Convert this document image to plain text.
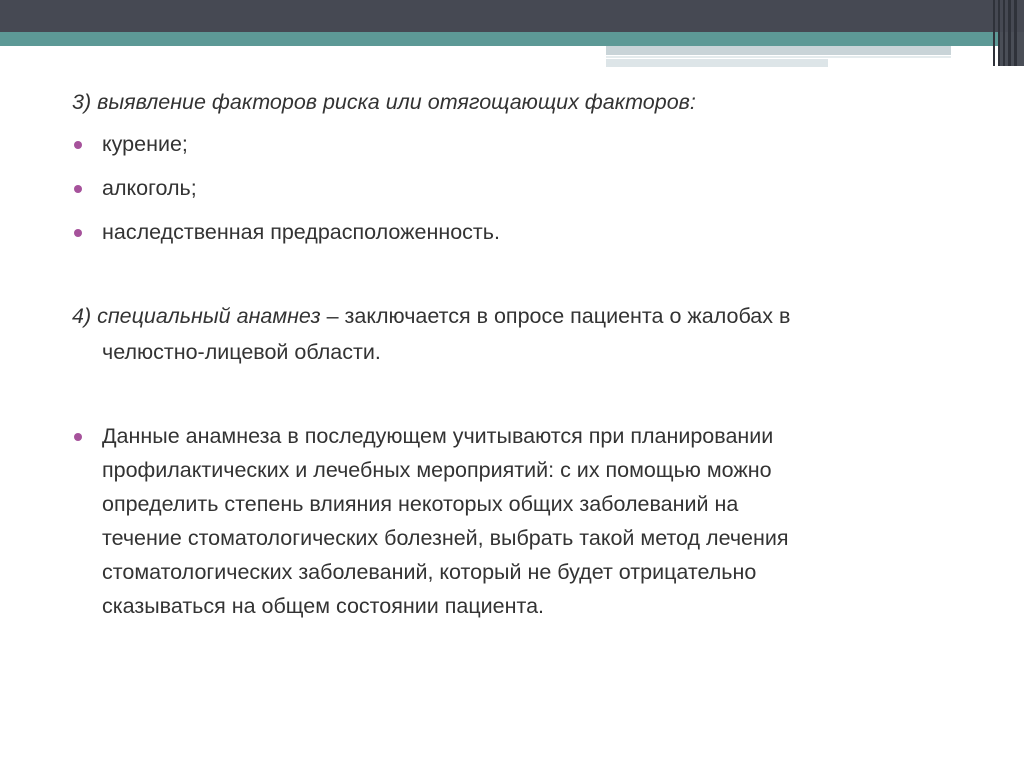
3) выявление факторов риска или отягощающих факторов:
курение;
алкоголь;
наследственная предрасположенность.
4) специальный анамнез – заключается в опросе пациента о жалобах в
челюстно-лицевой области.
Данные анамнеза в последующем учитываются при планировании
профилактических и лечебных мероприятий: с их помощью можно
определить степень влияния некоторых общих заболеваний на
течение стоматологических болезней, выбрать такой метод лечения
стоматологических заболеваний, который не будет отрицательно
сказываться на общем состоянии пациента.
